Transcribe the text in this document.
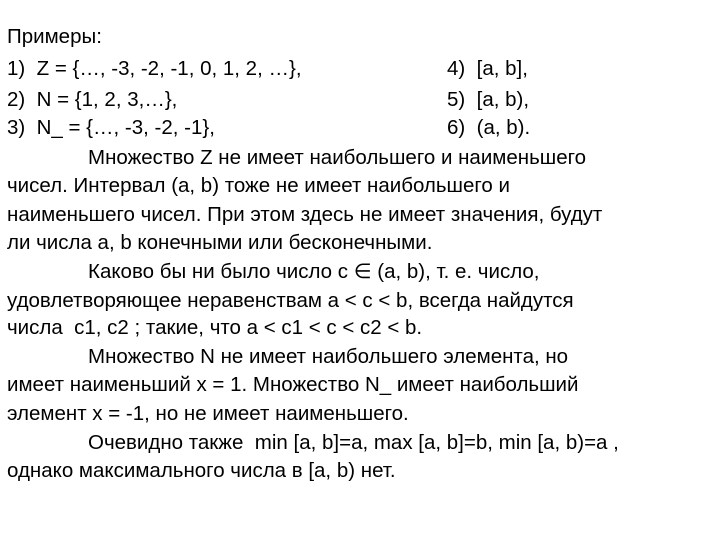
Примеры:
1)  Z = {…, -3, -2, -1, 0, 1, 2, …},	4)  [a, b],
2)  N = {1, 2, 3,…},	5)  [a, b),
3)  N_ = {…, -3, -2, -1},	6)  (a, b).
Множество Z не имеет наибольшего и наименьшего
чисел. Интервал (a, b) тоже не имеет наибольшего и
наименьшего чисел. При этом здесь не имеет значения, будут
ли числа a, b конечными или бесконечными.
Каково бы ни было число c ∈ (a, b), т. е. число,
удовлетворяющее неравенствам a < c < b, всегда найдутся
числа  c1, c2 ; такие, что a < c1 < c < c2 < b.
Множество N не имеет наибольшего элемента, но
имеет наименьший x = 1. Множество N_ имеет наибольший
элемент x = -1, но не имеет наименьшего.
Очевидно также  min [a, b]=a, max [a, b]=b, min [a, b)=a ,
однако максимального числа в [a, b) нет.
